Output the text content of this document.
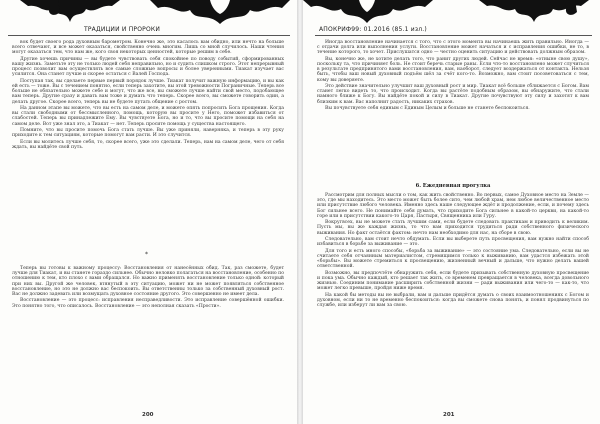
ТРАДИЦИИ И ПРОРОКИ

вок будет своего рода духовным барометром. Конечно же, это касалось вам обидно, или нечто на больше всего отвечают, и все может оказаться, свойственно очень многим. Лишь со мной случилось. Наши чтения могут оказаться тем, что нам же, кого своя некоторых ценностей, которые решим в себе.

Другие хочешь причины — вы будете чувствовать себя спокойнее по поводу событий, сформированных вашу жизнь. Заметьте эту не только людей себя неправильно, но и судить слишком строго. Этот непрерывный процесс позволит вам осуществлять все самые сложные вопросы и более уверенными. Тиакат изучает вас усилится. Она станет лучше и скорее остаться с Валей Господа.

Поступая так, вы сделаете первые первый порядок лучше. Тиакат получит важную информацию, и вы как ей есть — тоже. Вы с течением понятно, если теперь захотите, вы этой тревожности Пограничные. Теперь все больше не обязательно можете себе и могут, что же все, вы сможете лучше найти свой место, подобающее вам теперь. Другие сразу и давать вам тоже и думать что теперь. Скорее всего, вы сможете говорить один, а делать другое. Скорее всего, теперь вы не будете путать общение с ростом.

На данном этапе вы можете, что вы есть на самом деле, и можете опять попросить Бога прощения. Когда вы стали свободными от бессмысленного, помощь, которую вы просите у Него, поможет избавиться от слабостей. Теперь вы принадлежите Ему. Вы чувствуете Бога, но и то, что вы просите помощи на себя на самом деле. Вот уже знал это, а Тиакат — нет. Теперь просите помощь у существа настоящего.

Помните, что вы просите помочь Бога стать лучше. Вы уже приняли, наверняка, и теперь в эту руку приходите к тем ситуациям, которые помогут вам расти. И это случится.

Если вы молитесь лучше себя, то, скорее всего, уже это сделали. Теперь, нам на самом деле, чего от себя ждать, вы найдёте свой путь.

*

Теперь вы готовы к важному процессу: Восстановления от нанесённых обид. Так, раз сможете, будет лучше для Тиакат, и вы станете гораздо сильнее. Обычно неловко полагаться на восстановление, особенно по отношению к тем, кто плохо с вами обращался. Но важно применять восстановление только одной: который при них вы. Другой же человек, втянутый в эту ситуацию, может ни не может появляться собственное восстановление, но это не должно вас беспокоить. Вы ответственны только за собственный духовный рост. Вас не должно задевать или возмущать духовное состояние другого. Это совершенно не имеет дела.

Восстановление — это процесс: исправления несправедливости. Это исправление совершённой ошибки. Это понятно того, что описалось. Восстановление — это неполная сказать «Прости».

200
АПОКРИФ99: 01.2016 (85.1 изл.)

Иногда восстановление начинается с того, что с этого момента вы начинаешь жить правильно. Иногда — с отдачи долга или выполнения услуги. Восстановление может начаться и с исправления ошибки, не то, в течение которого, то хочет. Прислушатся одно — честно оценить ситуацию и действовать должным образом.

Вы, конечно же, не хотите делать того, что ранит других людей. Сейчас не время: «отныне свою душу», поскольку та, что причиняет боль. Не стоит беречь старые раны. Если что-то восстановлено может случиться в результате предпринятого вами восстановления, вам, наоборот, следует воздержаться от контакта. Нельзя быть, чтобы ваш новый духовный подъём шёл за счёт кого-то. Возможно, вам стоит посоветоваться с тем, кому вы доверяете.

Это действие значительно улучшит ваш духовный рост и мир. Тиакат всё больше сближается с Богом. Вам станет легко видеть то, что происходит. Когда вы растёте подобным образом, вы обнаружите, что стали намного ближе к Богу. Вы найдёте покой и силу в Тиакат. Другие почувствуют эту силу и захотят к вам близким к вам. Вас наполнит радость, никаких страхов.

Вы почувствуете себя единым с Единым Целым и больше не станете беспокоиться.

6. Ежедневная прогулка

Рассмотрим для полных мысли о том, как жить свойственно. Во первых, самое Духовное место на Земле — это, где мы находитесь. Это место может быть более сито, чем любой храм, нем любое величественное место или присутствие любого человека. Именно здесь наше следующее ждёт и продолжение, если, и почему здесь Бог сильнее всего. Не понимайте себя думать, что приходите Бога сильнее в какой-то церкви, на какой-то горе или в присутствии какого-то Царя, Пастыря, Священника или Гуру.

Вокругвсех, вы не можете стать лучшим сами, если будете следовать практикам и приводить к великим. Пусть мы, вы же каждая жизнь, то что вам приходится трудиться ради собственного физического выживания. Но факт остаётся фактом: нечто нам необходимо для нас, на сборе в свою.

Следовательно, вам стоит нечто обдумать. Если вы выберете путь просвещения, вам нужно найти способ избавиться в борьбе за выживание — это.

Для того и есть много способы, «борьба за выживание» — это состояние ума. Следовательно, если вы не считаете себя отчаянным материалистом, стремящимся только к выживанию, вам удастся избежать этой «борьбы». Вы можете стремиться к просвещению, жизненный вечный и дальше, что нужно делать вашей ответственной.

Возможно, вы предпочтёте обнаружить себя, если будете призывать собственную духовную просвещение и пока ума. Обычно каждый, кто решает так жить, со временем превращается в человека, всегда довольного жизнью. Соединим понимание расширить собственной жизни — ради выживания или чего-то — как-то, что может легко превыше, пройдя ниже время.

На какой бы методы вы не выбрали, вам и дальше придётся думать о своих взаимоотношениях с Богом и духовном, если ни то не временно беспокоиться: когда вы сможете снова понять, и понял продвинуться по службе, или изберут ли вам за свою.

201
